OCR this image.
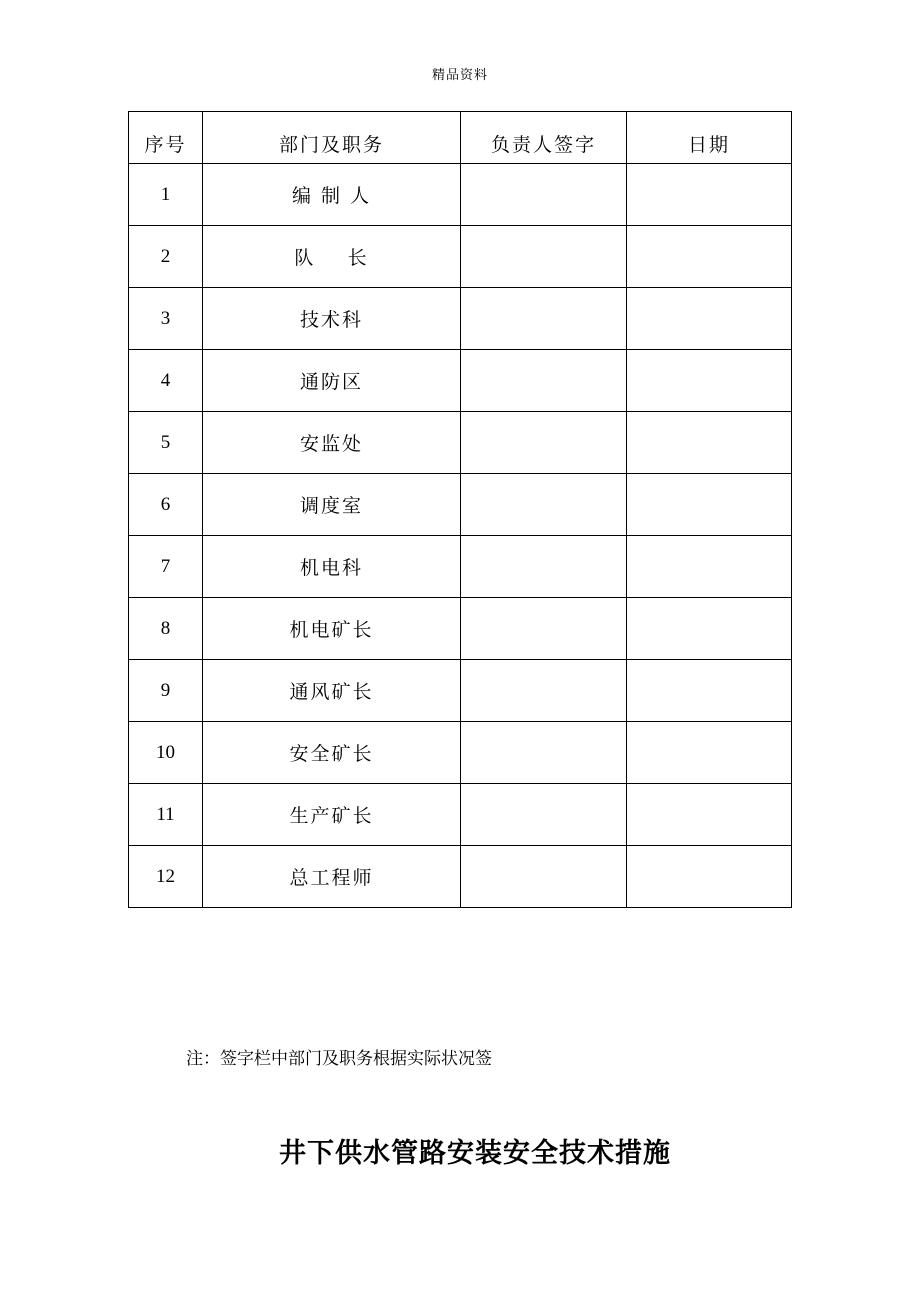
精品资料
序号	部门及职务	负责人签字	日期
1	编 制 人		
2	队    长		
3	技术科		
4	通防区		
5	安监处		
6	调度室		
7	机电科		
8	机电矿长		
9	通风矿长		
10	安全矿长		
11	生产矿长		
12	总工程师		
注：签字栏中部门及职务根据实际状况签
井下供水管路安装安全技术措施
